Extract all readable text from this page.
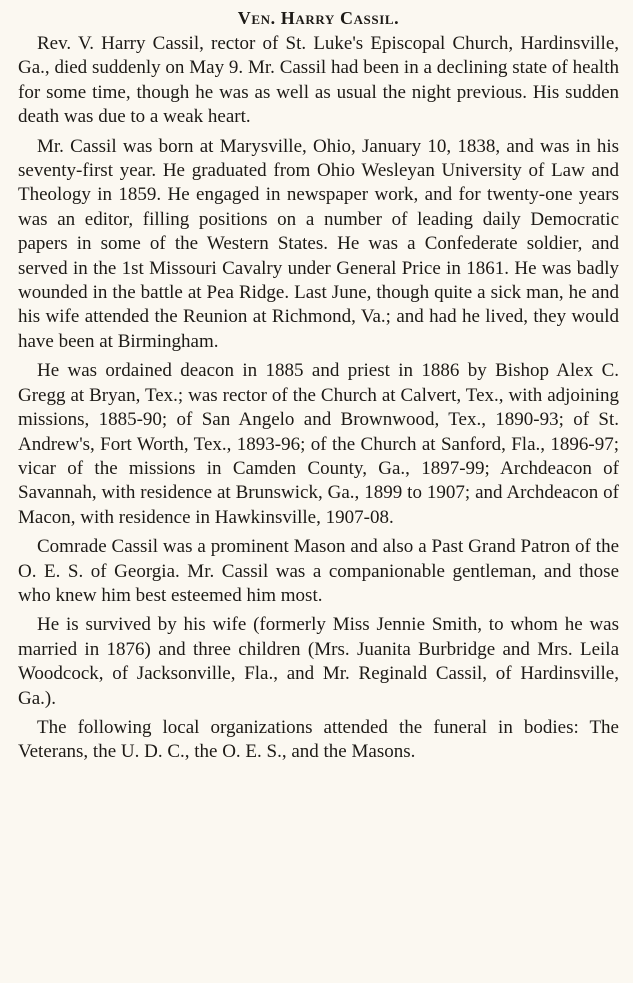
Ven. Harry Cassil.

Rev. V. Harry Cassil, rector of St. Luke's Episcopal Church, Hardinsville, Ga., died suddenly on May 9. Mr. Cassil had been in a declining state of health for some time, though he was as well as usual the night previous. His sudden death was due to a weak heart.

Mr. Cassil was born at Marysville, Ohio, January 10, 1838, and was in his seventy-first year. He graduated from Ohio Wesleyan University of Law and Theology in 1859. He engaged in newspaper work, and for twenty-one years was an editor, filling positions on a number of leading daily Democratic papers in some of the Western States. He was a Confederate soldier, and served in the 1st Missouri Cavalry under General Price in 1861. He was badly wounded in the battle at Pea Ridge. Last June, though quite a sick man, he and his wife attended the Reunion at Richmond, Va.; and had he lived, they would have been at Birmingham.

He was ordained deacon in 1885 and priest in 1886 by Bishop Alex C. Gregg at Bryan, Tex.; was rector of the Church at Calvert, Tex., with adjoining missions, 1885-90; of San Angelo and Brownwood, Tex., 1890-93; of St. Andrew's, Fort Worth, Tex., 1893-96; of the Church at Sanford, Fla., 1896-97; vicar of the missions in Camden County, Ga., 1897-99; Archdeacon of Savannah, with residence at Brunswick, Ga., 1899 to 1907; and Archdeacon of Macon, with residence in Hawkinsville, 1907-08.

Comrade Cassil was a prominent Mason and also a Past Grand Patron of the O. E. S. of Georgia. Mr. Cassil was a companionable gentleman, and those who knew him best esteemed him most.

He is survived by his wife (formerly Miss Jennie Smith, to whom he was married in 1876) and three children (Mrs. Juanita Burbridge and Mrs. Leila Woodcock, of Jacksonville, Fla., and Mr. Reginald Cassil, of Hardinsville, Ga.).

The following local organizations attended the funeral in bodies: The Veterans, the U. D. C., the O. E. S., and the Masons.
